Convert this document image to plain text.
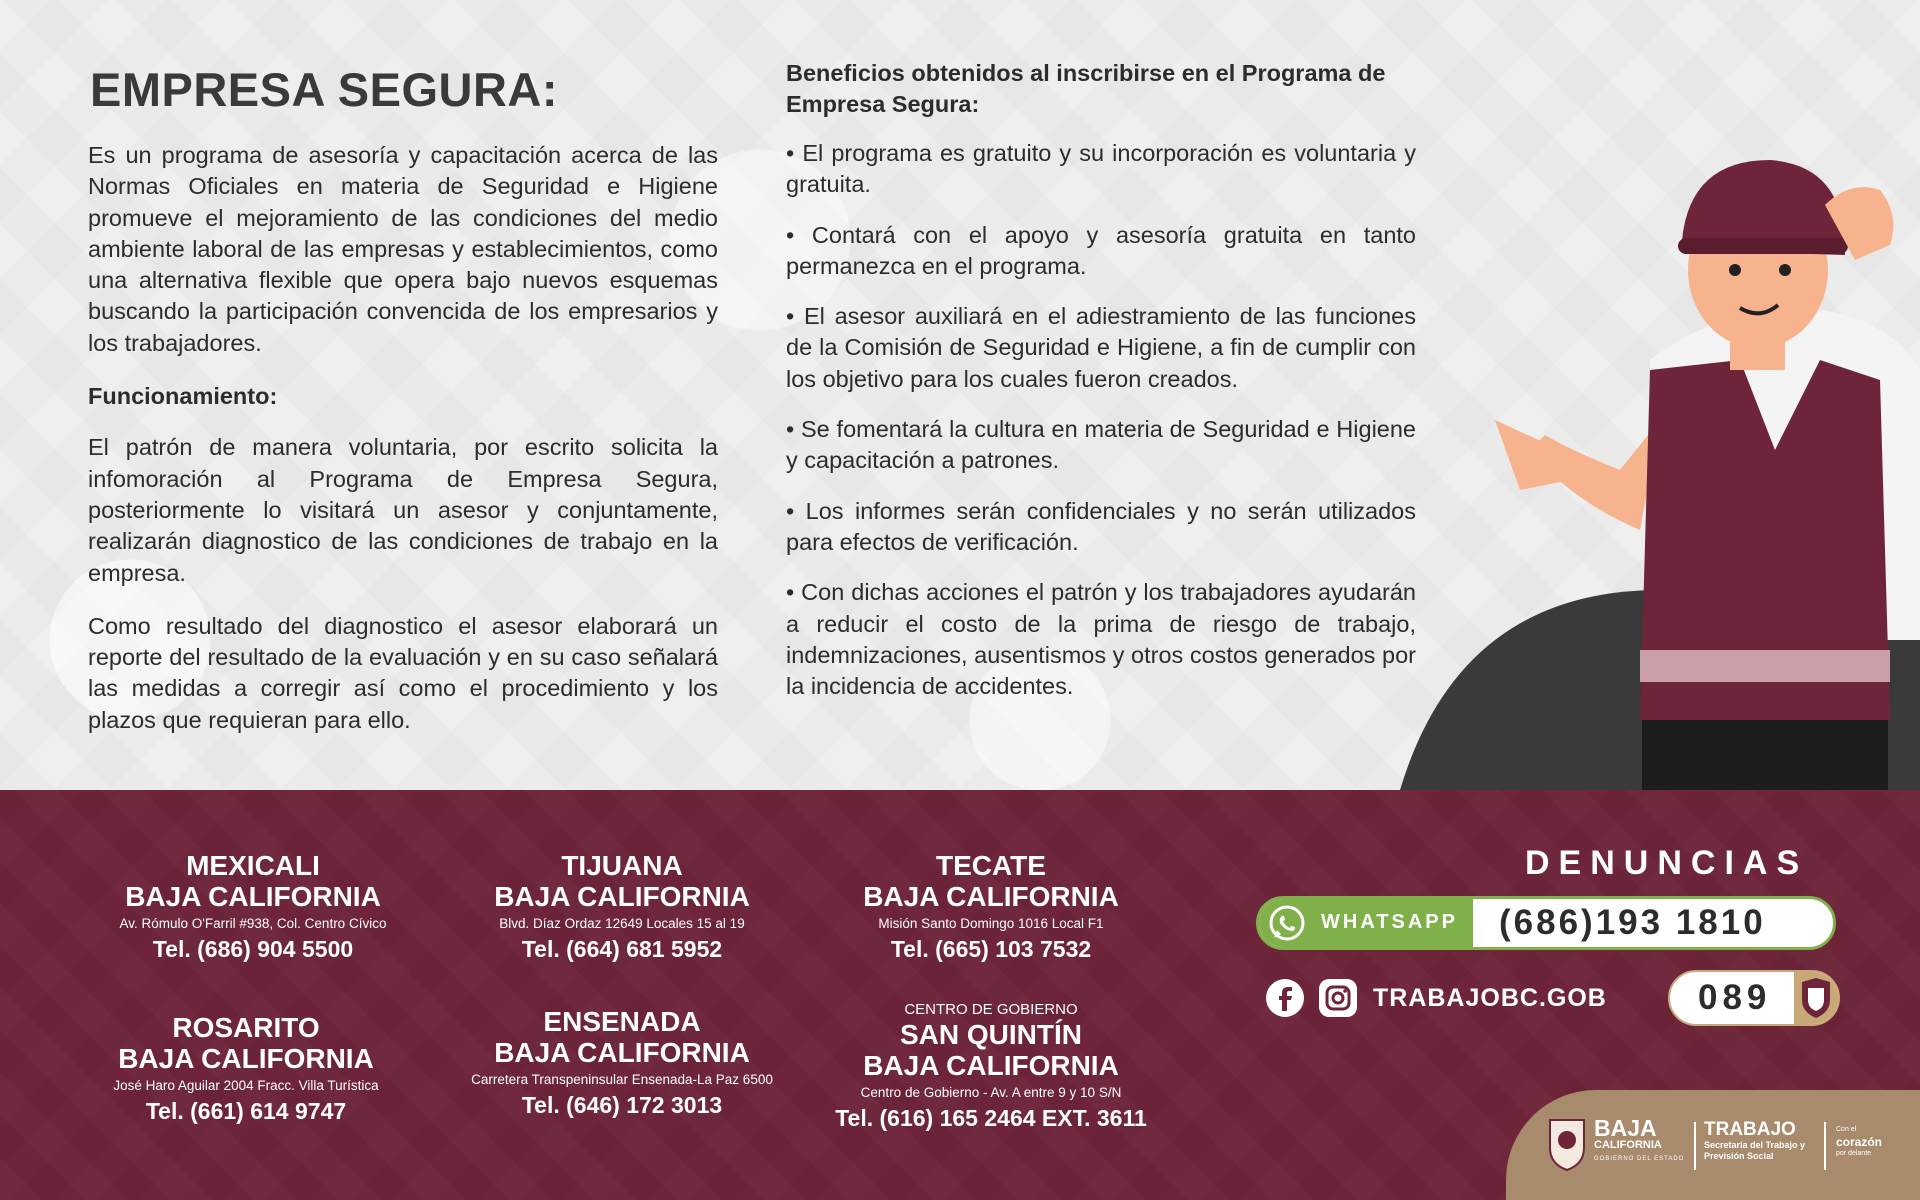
EMPRESA SEGURA:

Es un programa de asesoría y capacitación acerca de las Normas Oficiales en materia de Seguridad e Higiene promueve el mejoramiento de las condiciones del medio ambiente laboral de las empresas y establecimientos, como una alternativa flexible que opera bajo nuevos esquemas buscando la participación convencida de los empresarios y los trabajadores.

Funcionamiento:

El patrón de manera voluntaria, por escrito solicita la infomoración al Programa de Empresa Segura, posteriormente lo visitará un asesor y conjuntamente, realizarán diagnostico de las condiciones de trabajo en la empresa.

Como resultado del diagnostico el asesor elaborará un reporte del resultado de la evaluación y en su caso señalará las medidas a corregir así como el procedimiento y los plazos que requieran para ello.

Beneficios obtenidos al inscribirse en el Programa de Empresa Segura:

• El programa es gratuito y su incorporación es voluntaria y gratuita.

• Contará con el apoyo y asesoría gratuita en tanto permanezca en el programa.

• El asesor auxiliará en el adiestramiento de las funciones de la Comisión de Seguridad e Higiene, a fin de cumplir con los objetivo para los cuales fueron creados.

• Se fomentará la cultura en materia de Seguridad e Higiene y capacitación a patrones.

• Los informes serán confidenciales y no serán utilizados para efectos de verificación.

• Con dichas acciones el patrón y los trabajadores ayudarán a reducir el costo de la prima de riesgo de trabajo, indemnizaciones, ausentismos y otros costos generados por la incidencia de accidentes.

MEXICALI
BAJA CALIFORNIA
Av. Rómulo O'Farril #938, Col. Centro Cívico
Tel. (686) 904 5500
TIJUANA
BAJA CALIFORNIA
Blvd. Díaz Ordaz 12649 Locales 15 al 19
Tel. (664) 681 5952
TECATE
BAJA CALIFORNIA
Misión Santo Domingo 1016 Local F1
Tel. (665) 103 7532
ROSARITO
BAJA CALIFORNIA
José Haro Aguilar 2004 Fracc. Villa Turística
Tel. (661) 614 9747
ENSENADA
BAJA CALIFORNIA
Carretera Transpeninsular Ensenada-La Paz 6500
Tel. (646) 172 3013
CENTRO DE GOBIERNO
SAN QUINTÍN
BAJA CALIFORNIA
Centro de Gobierno - Av. A entre 9 y 10 S/N
Tel. (616) 165 2464 EXT. 3611
DENUNCIAS
WHATSAPP (686)193 1810
TRABAJOBC.GOB	089
BAJA
CALIFORNIA
GOBIERNO DEL ESTADO
TRABAJO
Secretaría del Trabajo y Previsión Social
Con el
corazón
por delante
